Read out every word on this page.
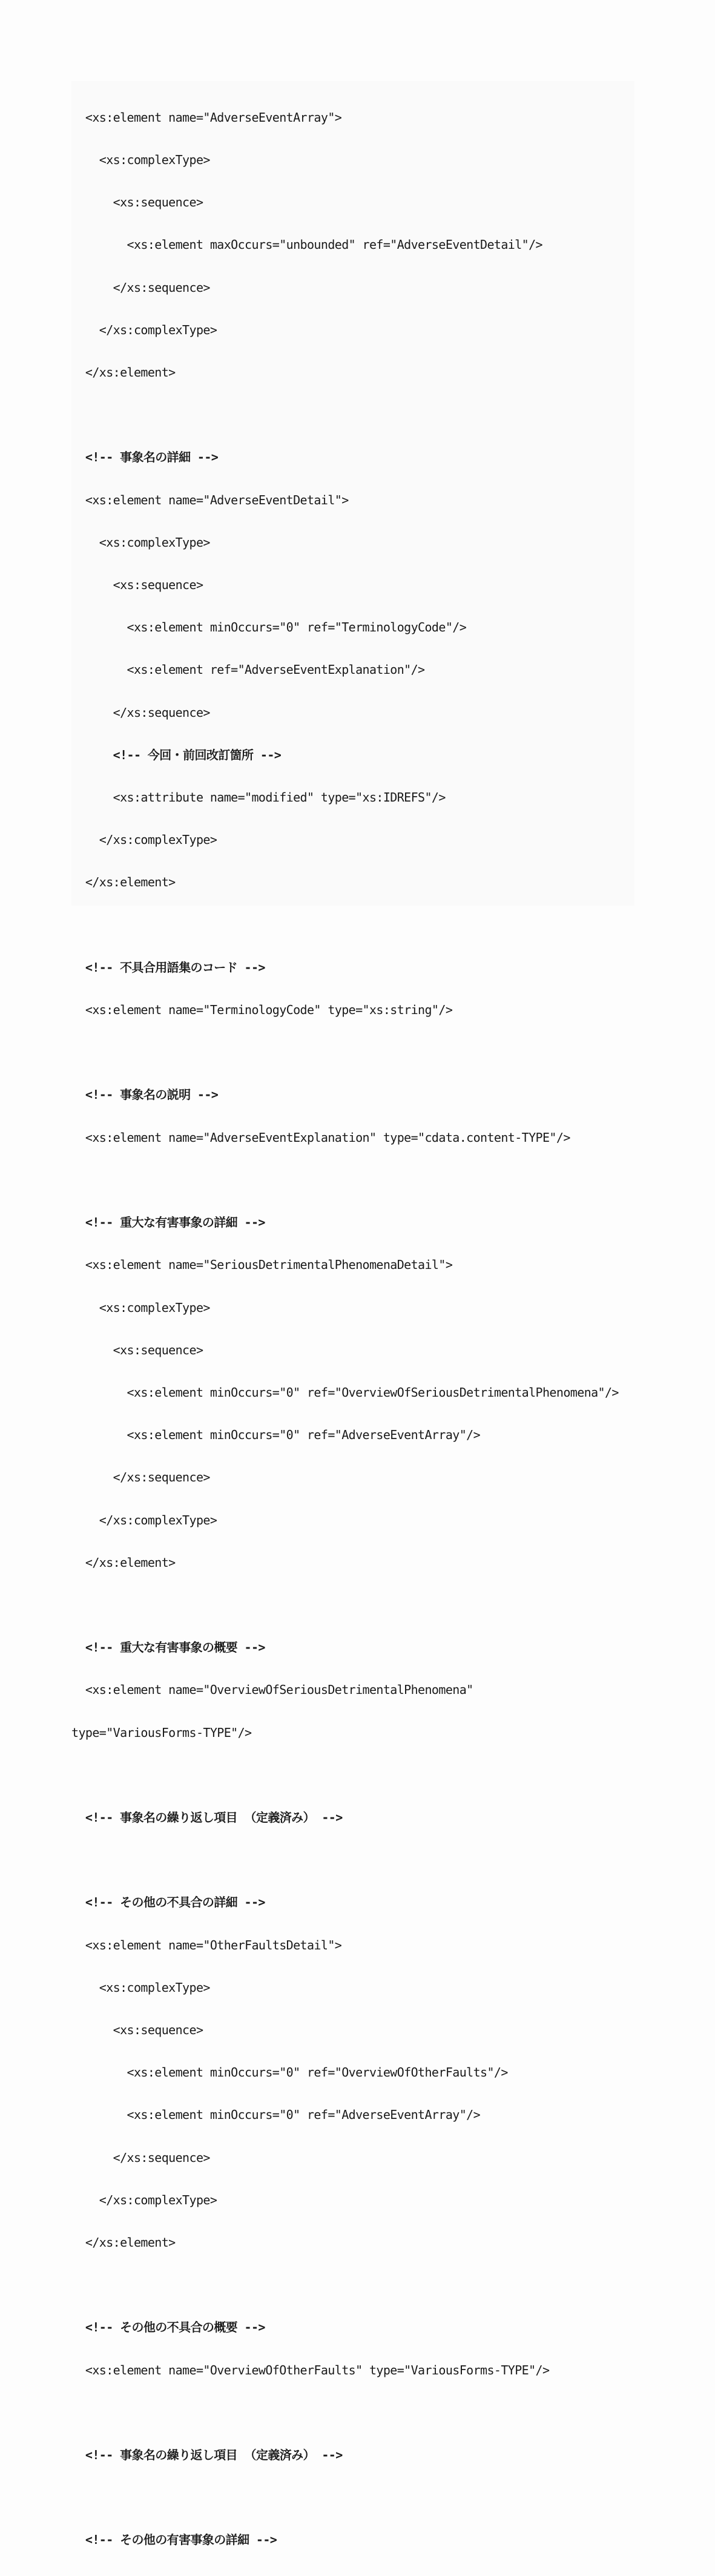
<xs:element name="AdverseEventArray">

<xs:complexType>

<xs:sequence>

<xs:element maxOccurs="unbounded" ref="AdverseEventDetail"/>

</xs:sequence>

</xs:complexType>

</xs:element>

<!-- 事象名の詳細 -->

<xs:element name="AdverseEventDetail">

<xs:complexType>

<xs:sequence>

<xs:element minOccurs="0" ref="TerminologyCode"/>

<xs:element ref="AdverseEventExplanation"/>

</xs:sequence>

<!-- 今回・前回改訂箇所 -->

<xs:attribute name="modified" type="xs:IDREFS"/>

</xs:complexType>

</xs:element>

<!-- 不具合用語集のコード -->

<xs:element name="TerminologyCode" type="xs:string"/>

<!-- 事象名の説明 -->

<xs:element name="AdverseEventExplanation" type="cdata.content-TYPE"/>

<!-- 重大な有害事象の詳細 -->

<xs:element name="SeriousDetrimentalPhenomenaDetail">

<xs:complexType>

<xs:sequence>

<xs:element minOccurs="0" ref="OverviewOfSeriousDetrimentalPhenomena"/>

<xs:element minOccurs="0" ref="AdverseEventArray"/>

</xs:sequence>

</xs:complexType>

</xs:element>

<!-- 重大な有害事象の概要 -->

<xs:element name="OverviewOfSeriousDetrimentalPhenomena"

type="VariousForms-TYPE"/>

<!-- 事象名の繰り返し項目 （定義済み） -->

<!-- その他の不具合の詳細 -->

<xs:element name="OtherFaultsDetail">

<xs:complexType>

<xs:sequence>

<xs:element minOccurs="0" ref="OverviewOfOtherFaults"/>

<xs:element minOccurs="0" ref="AdverseEventArray"/>

</xs:sequence>

</xs:complexType>

</xs:element>

<!-- その他の不具合の概要 -->

<xs:element name="OverviewOfOtherFaults" type="VariousForms-TYPE"/>

<!-- 事象名の繰り返し項目 （定義済み） -->

<!-- その他の有害事象の詳細 -->
